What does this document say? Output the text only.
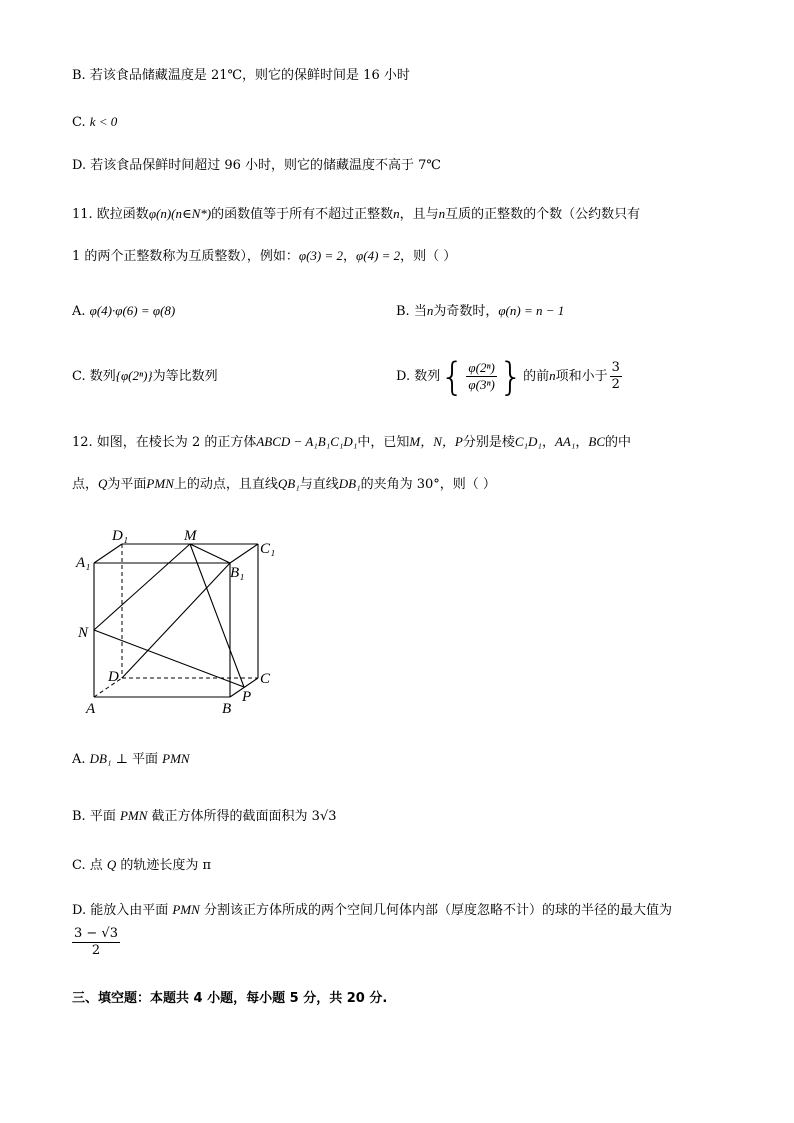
B. 若该食品储藏温度是 21℃，则它的保鲜时间是 16 小时
C. k < 0
D. 若该食品保鲜时间超过 96 小时，则它的储藏温度不高于 7℃
11. 欧拉函数φ(n)(n∈N*)的函数值等于所有不超过正整数n，且与n互质的正整数的个数（公约数只有
1 的两个正整数称为互质整数），例如：φ(3) = 2，φ(4) = 2，则（ ）
A. φ(4)·φ(6) = φ(8)	B. 当n为奇数时，φ(n) = n − 1
C. 数列{φ(2ⁿ)}为等比数列	D. 数列{ $\frac{\text{φ(2ⁿ)}}{\text{φ(3ⁿ)}}$ }的前n项和小于 $\frac{3}{2}$
12. 如图，在棱长为 2 的正方体ABCD − A₁B₁C₁D₁中，已知M，N，P分别是棱C₁D₁，AA₁，BC的中
点，Q为平面PMN上的动点，且直线QB₁与直线DB₁的夹角为 30°，则（ ）
D₁	M
C₁
A₁
B₁
N
D	C
P
A	B
A. DB₁ ⊥ 平面 PMN
B. 平面 PMN 截正方体所得的截面面积为 3√3
C. 点 Q 的轨迹长度为 π
D. 能放入由平面 PMN 分割该正方体所成的两个空间几何体内部（厚度忽略不计）的球的半径的最大值为
$\frac{3 - √3}{2}$
三、填空题：本题共 4 小题，每小题 5 分，共 20 分.
